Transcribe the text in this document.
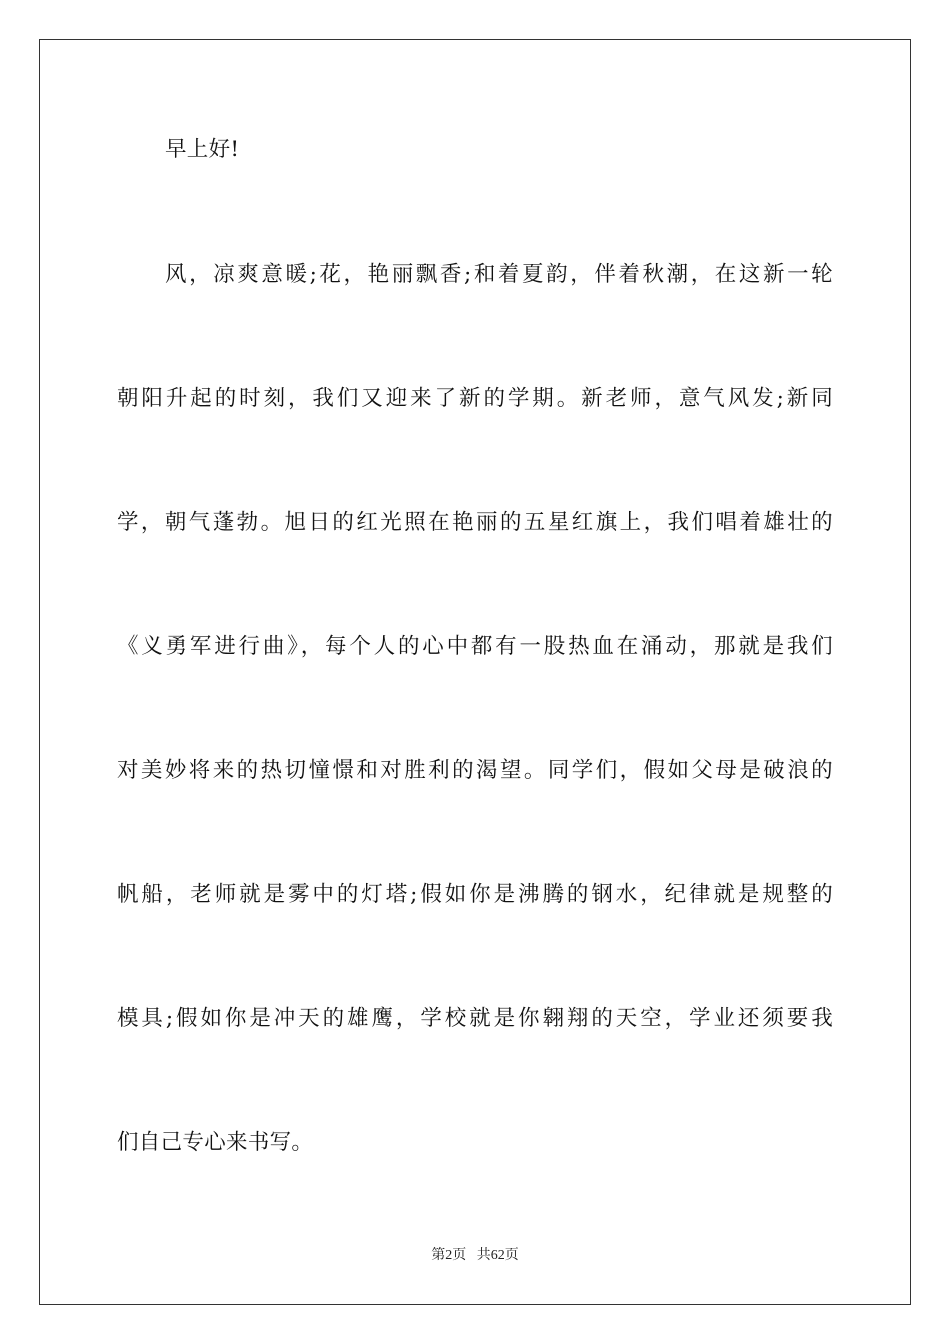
早上好!
风，凉爽意暖;花，艳丽飘香;和着夏韵，伴着秋潮，在这新一轮
朝阳升起的时刻，我们又迎来了新的学期。新老师，意气风发;新同
学，朝气蓬勃。旭日的红光照在艳丽的五星红旗上，我们唱着雄壮的
《义勇军进行曲》，每个人的心中都有一股热血在涌动，那就是我们
对美妙将来的热切憧憬和对胜利的渴望。同学们，假如父母是破浪的
帆船，老师就是雾中的灯塔;假如你是沸腾的钢水，纪律就是规整的
模具;假如你是冲天的雄鹰，学校就是你翱翔的天空，学业还须要我
们自己专心来书写。
第2页 共62页
